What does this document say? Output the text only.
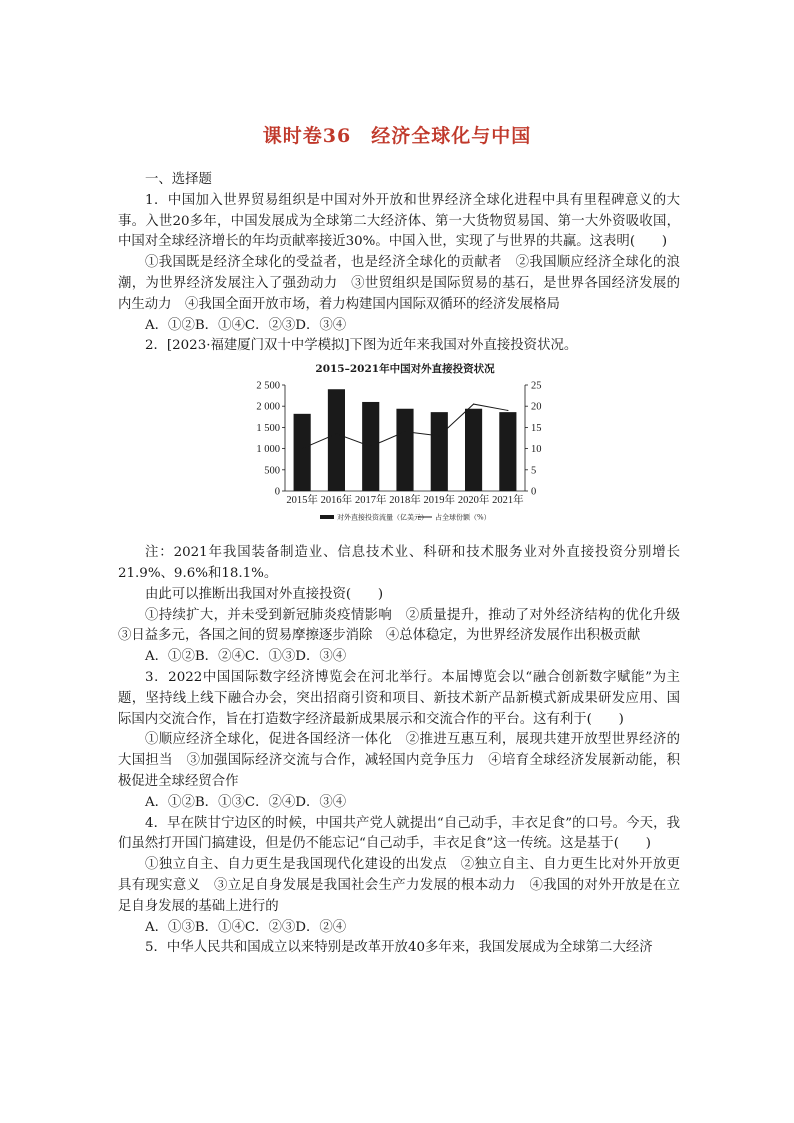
课时卷36　经济全球化与中国

一、选择题

1．中国加入世界贸易组织是中国对外开放和世界经济全球化进程中具有里程碑意义的大事。入世20多年，中国发展成为全球第二大经济体、第一大货物贸易国、第一大外资吸收国，中国对全球经济增长的年均贡献率接近30%。中国入世，实现了与世界的共赢。这表明(　　)

①我国既是经济全球化的受益者，也是经济全球化的贡献者　②我国顺应经济全球化的浪潮，为世界经济发展注入了强劲动力　③世贸组织是国际贸易的基石，是世界各国经济发展的内生动力　④我国全面开放市场，着力构建国内国际双循环的经济发展格局

A．①②B．①④C．②③D．③④

2．[2023·福建厦门双十中学模拟]下图为近年来我国对外直接投资状况。

2015–2021年中国对外直接投资状况
0
500
1 000
1 500
2 000
2 500
0
5
10
15
20
25
2015年 2016年 2017年 2018年 2019年 2020年 2021年
对外直接投资流量（亿美元） 占全球份额（%）

注：2021年我国装备制造业、信息技术业、科研和技术服务业对外直接投资分别增长21.9%、9.6%和18.1%。

由此可以推断出我国对外直接投资(　　)

①持续扩大，并未受到新冠肺炎疫情影响　②质量提升，推动了对外经济结构的优化升级　③日益多元，各国之间的贸易摩擦逐步消除　④总体稳定，为世界经济发展作出积极贡献

A．①②B．②④C．①③D．③④

3．2022中国国际数字经济博览会在河北举行。本届博览会以“融合创新数字赋能”为主题，坚持线上线下融合办会，突出招商引资和项目、新技术新产品新模式新成果研发应用、国际国内交流合作，旨在打造数字经济最新成果展示和交流合作的平台。这有利于(　　)

①顺应经济全球化，促进各国经济一体化　②推进互惠互利，展现共建开放型世界经济的大国担当　③加强国际经济交流与合作，减轻国内竞争压力　④培育全球经济发展新动能，积极促进全球经贸合作

A．①②B．①③C．②④D．③④

4．早在陕甘宁边区的时候，中国共产党人就提出“自己动手，丰衣足食”的口号。今天，我们虽然打开国门搞建设，但是仍不能忘记“自己动手，丰衣足食”这一传统。这是基于(　　)

①独立自主、自力更生是我国现代化建设的出发点　②独立自主、自力更生比对外开放更具有现实意义　③立足自身发展是我国社会生产力发展的根本动力　④我国的对外开放是在立足自身发展的基础上进行的

A．①③B．①④C．②③D．②④

5．中华人民共和国成立以来特别是改革开放40多年来，我国发展成为全球第二大经济
